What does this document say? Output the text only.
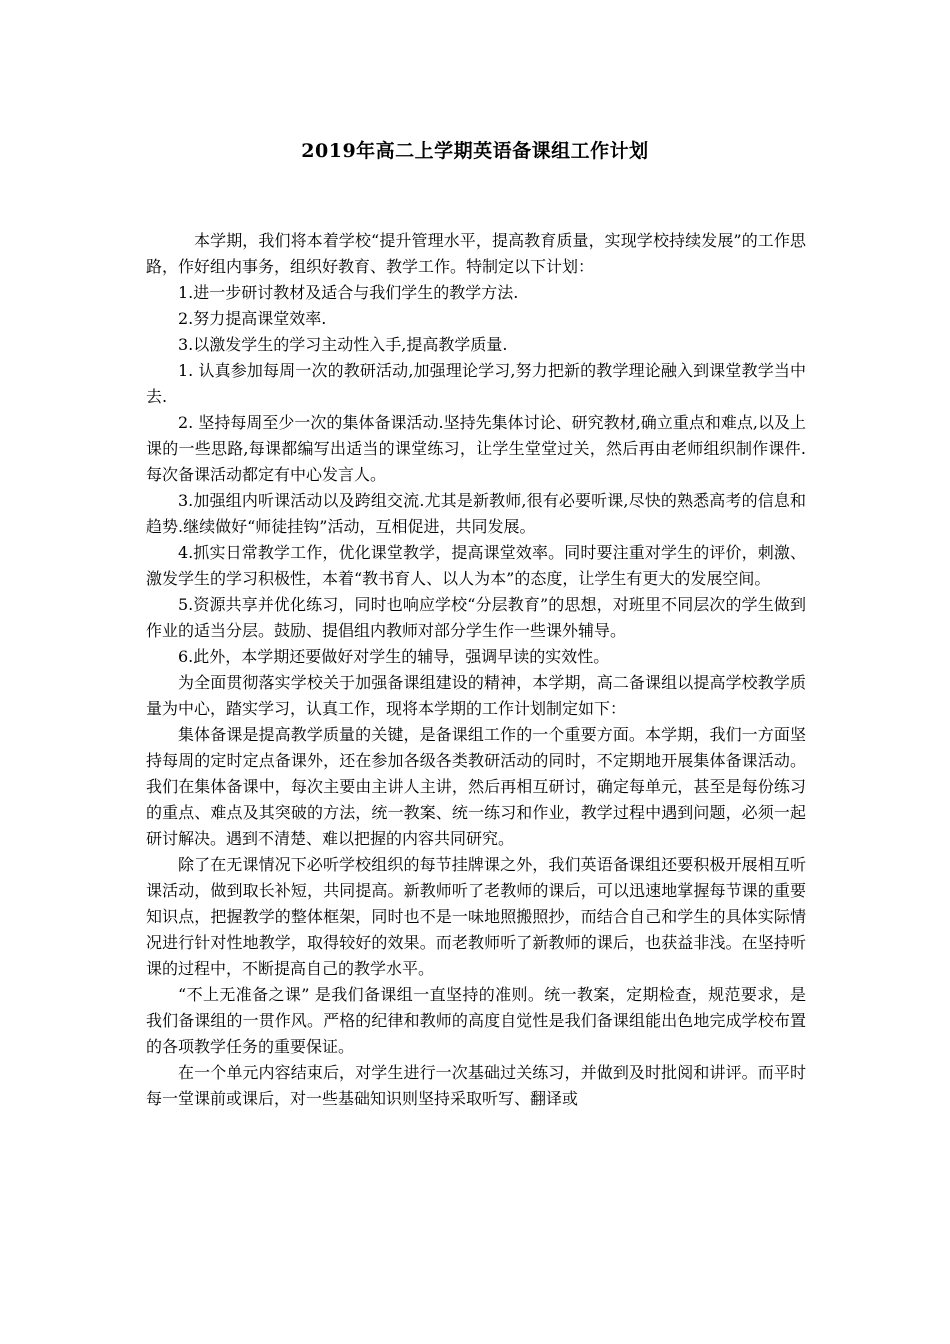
2019年高二上学期英语备课组工作计划

本学期，我们将本着学校“提升管理水平，提高教育质量，实现学校持续发展”的工作思路，作好组内事务，组织好教育、教学工作。特制定以下计划：

1.进一步研讨教材及适合与我们学生的教学方法.

2.努力提高课堂效率.

3.以激发学生的学习主动性入手,提高教学质量.

1. 认真参加每周一次的教研活动,加强理论学习,努力把新的教学理论融入到课堂教学当中去.

2. 坚持每周至少一次的集体备课活动.坚持先集体讨论、研究教材,确立重点和难点,以及上课的一些思路,每课都编写出适当的课堂练习，让学生堂堂过关，然后再由老师组织制作课件.每次备课活动都定有中心发言人。

3.加强组内听课活动以及跨组交流.尤其是新教师,很有必要听课,尽快的熟悉高考的信息和趋势.继续做好“师徒挂钩”活动，互相促进，共同发展。

4.抓实日常教学工作，优化课堂教学，提高课堂效率。同时要注重对学生的评价，刺激、激发学生的学习积极性，本着“教书育人、以人为本”的态度，让学生有更大的发展空间。

5.资源共享并优化练习，同时也响应学校“分层教育”的思想，对班里不同层次的学生做到作业的适当分层。鼓励、提倡组内教师对部分学生作一些课外辅导。

6.此外，本学期还要做好对学生的辅导，强调早读的实效性。

为全面贯彻落实学校关于加强备课组建设的精神，本学期，高二备课组以提高学校教学质量为中心，踏实学习，认真工作，现将本学期的工作计划制定如下：

集体备课是提高教学质量的关键，是备课组工作的一个重要方面。本学期，我们一方面坚持每周的定时定点备课外，还在参加各级各类教研活动的同时，不定期地开展集体备课活动。我们在集体备课中，每次主要由主讲人主讲，然后再相互研讨，确定每单元，甚至是每份练习的重点、难点及其突破的方法，统一教案、统一练习和作业，教学过程中遇到问题，必须一起研讨解决。遇到不清楚、难以把握的内容共同研究。

除了在无课情况下必听学校组织的每节挂牌课之外，我们英语备课组还要积极开展相互听课活动，做到取长补短，共同提高。新教师听了老教师的课后，可以迅速地掌握每节课的重要知识点，把握教学的整体框架，同时也不是一味地照搬照抄，而结合自己和学生的具体实际情况进行针对性地教学，取得较好的效果。而老教师听了新教师的课后，也获益非浅。在坚持听课的过程中，不断提高自己的教学水平。

“不上无准备之课” 是我们备课组一直坚持的准则。统一教案，定期检查，规范要求，是我们备课组的一贯作风。严格的纪律和教师的高度自觉性是我们备课组能出色地完成学校布置的各项教学任务的重要保证。

在一个单元内容结束后，对学生进行一次基础过关练习，并做到及时批阅和讲评。而平时每一堂课前或课后，对一些基础知识则坚持采取听写、翻译或
